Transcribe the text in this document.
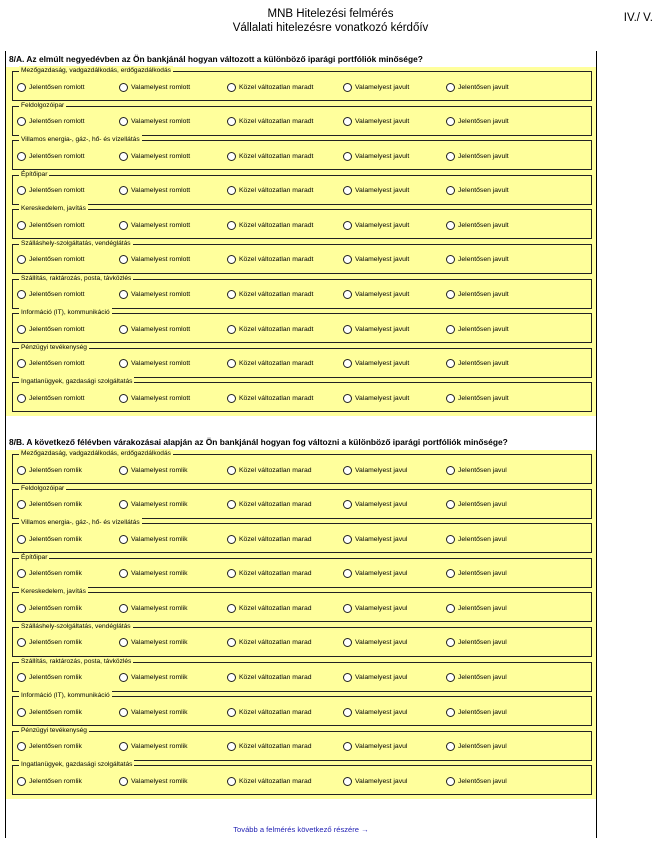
MNB Hitelezési felmérés
Vállalati hitelezésre vonatkozó kérdőív
IV./ V.
8/A. Az elmúlt negyedévben az Ön bankjánál hogyan változott a különböző iparági portfóliók minősége?
Mezőgazdaság, vadgazdálkodás, erdőgazdálkodás
Jelentősen romlott	Valamelyest romlott	Közel változatlan maradt	Valamelyest javult	Jelentősen javult
Feldolgozóipar
Jelentősen romlott	Valamelyest romlott	Közel változatlan maradt	Valamelyest javult	Jelentősen javult
Villamos energia-, gáz-, hő- és vízellátás
Jelentősen romlott	Valamelyest romlott	Közel változatlan maradt	Valamelyest javult	Jelentősen javult
Építőipar
Jelentősen romlott	Valamelyest romlott	Közel változatlan maradt	Valamelyest javult	Jelentősen javult
Kereskedelem, javítás
Jelentősen romlott	Valamelyest romlott	Közel változatlan maradt	Valamelyest javult	Jelentősen javult
Szálláshely-szolgáltatás, vendéglátás
Jelentősen romlott	Valamelyest romlott	Közel változatlan maradt	Valamelyest javult	Jelentősen javult
Szállítás, raktározás, posta, távközlés
Jelentősen romlott	Valamelyest romlott	Közel változatlan maradt	Valamelyest javult	Jelentősen javult
Információ (IT), kommunikáció
Jelentősen romlott	Valamelyest romlott	Közel változatlan maradt	Valamelyest javult	Jelentősen javult
Pénzügyi tevékenység
Jelentősen romlott	Valamelyest romlott	Közel változatlan maradt	Valamelyest javult	Jelentősen javult
Ingatlanügyek, gazdasági szolgáltatás
Jelentősen romlott	Valamelyest romlott	Közel változatlan maradt	Valamelyest javult	Jelentősen javult
8/B. A következő félévben várakozásai alapján az Ön bankjánál hogyan fog változni a különböző iparági portfóliók minősége?
Mezőgazdaság, vadgazdálkodás, erdőgazdálkodás
Jelentősen romlik	Valamelyest romlik	Közel változatlan marad	Valamelyest javul	Jelentősen javul
Feldolgozóipar
Jelentősen romlik	Valamelyest romlik	Közel változatlan marad	Valamelyest javul	Jelentősen javul
Villamos energia-, gáz-, hő- és vízellátás
Jelentősen romlik	Valamelyest romlik	Közel változatlan marad	Valamelyest javul	Jelentősen javul
Építőipar
Jelentősen romlik	Valamelyest romlik	Közel változatlan marad	Valamelyest javul	Jelentősen javul
Kereskedelem, javítás
Jelentősen romlik	Valamelyest romlik	Közel változatlan marad	Valamelyest javul	Jelentősen javul
Szálláshely-szolgáltatás, vendéglátás
Jelentősen romlik	Valamelyest romlik	Közel változatlan marad	Valamelyest javul	Jelentősen javul
Szállítás, raktározás, posta, távközlés
Jelentősen romlik	Valamelyest romlik	Közel változatlan marad	Valamelyest javul	Jelentősen javul
Információ (IT), kommunikáció
Jelentősen romlik	Valamelyest romlik	Közel változatlan marad	Valamelyest javul	Jelentősen javul
Pénzügyi tevékenység
Jelentősen romlik	Valamelyest romlik	Közel változatlan marad	Valamelyest javul	Jelentősen javul
Ingatlanügyek, gazdasági szolgáltatás
Jelentősen romlik	Valamelyest romlik	Közel változatlan marad	Valamelyest javul	Jelentősen javul
Tovább a felmérés következő részére →
